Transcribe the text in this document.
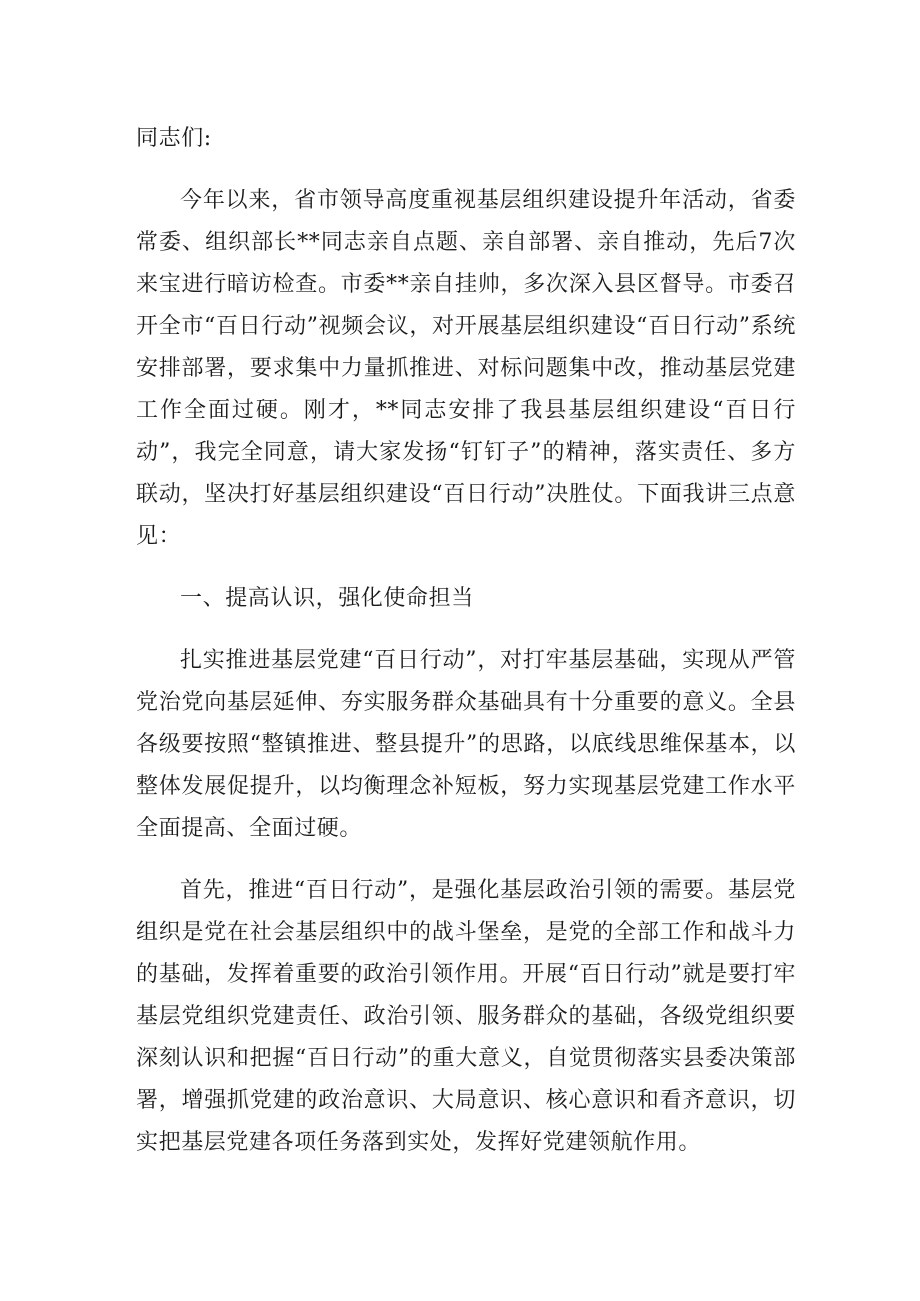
同志们:

今年以来，省市领导高度重视基层组织建设提升年活动，省委常委、组织部长**同志亲自点题、亲自部署、亲自推动，先后7次来宝进行暗访检查。市委**亲自挂帅，多次深入县区督导。市委召开全市“百日行动”视频会议，对开展基层组织建设“百日行动”系统安排部署，要求集中力量抓推进、对标问题集中改，推动基层党建工作全面过硬。刚才，**同志安排了我县基层组织建设“百日行动”，我完全同意，请大家发扬“钉钉子”的精神，落实责任、多方联动，坚决打好基层组织建设“百日行动”决胜仗。下面我讲三点意见：

一、提高认识，强化使命担当

扎实推进基层党建“百日行动”，对打牢基层基础，实现从严管党治党向基层延伸、夯实服务群众基础具有十分重要的意义。全县各级要按照“整镇推进、整县提升”的思路，以底线思维保基本，以整体发展促提升，以均衡理念补短板，努力实现基层党建工作水平全面提高、全面过硬。

首先，推进“百日行动”，是强化基层政治引领的需要。基层党组织是党在社会基层组织中的战斗堡垒，是党的全部工作和战斗力的基础，发挥着重要的政治引领作用。开展“百日行动”就是要打牢基层党组织党建责任、政治引领、服务群众的基础，各级党组织要深刻认识和把握“百日行动”的重大意义，自觉贯彻落实县委决策部署，增强抓党建的政治意识、大局意识、核心意识和看齐意识，切实把基层党建各项任务落到实处，发挥好党建领航作用。
